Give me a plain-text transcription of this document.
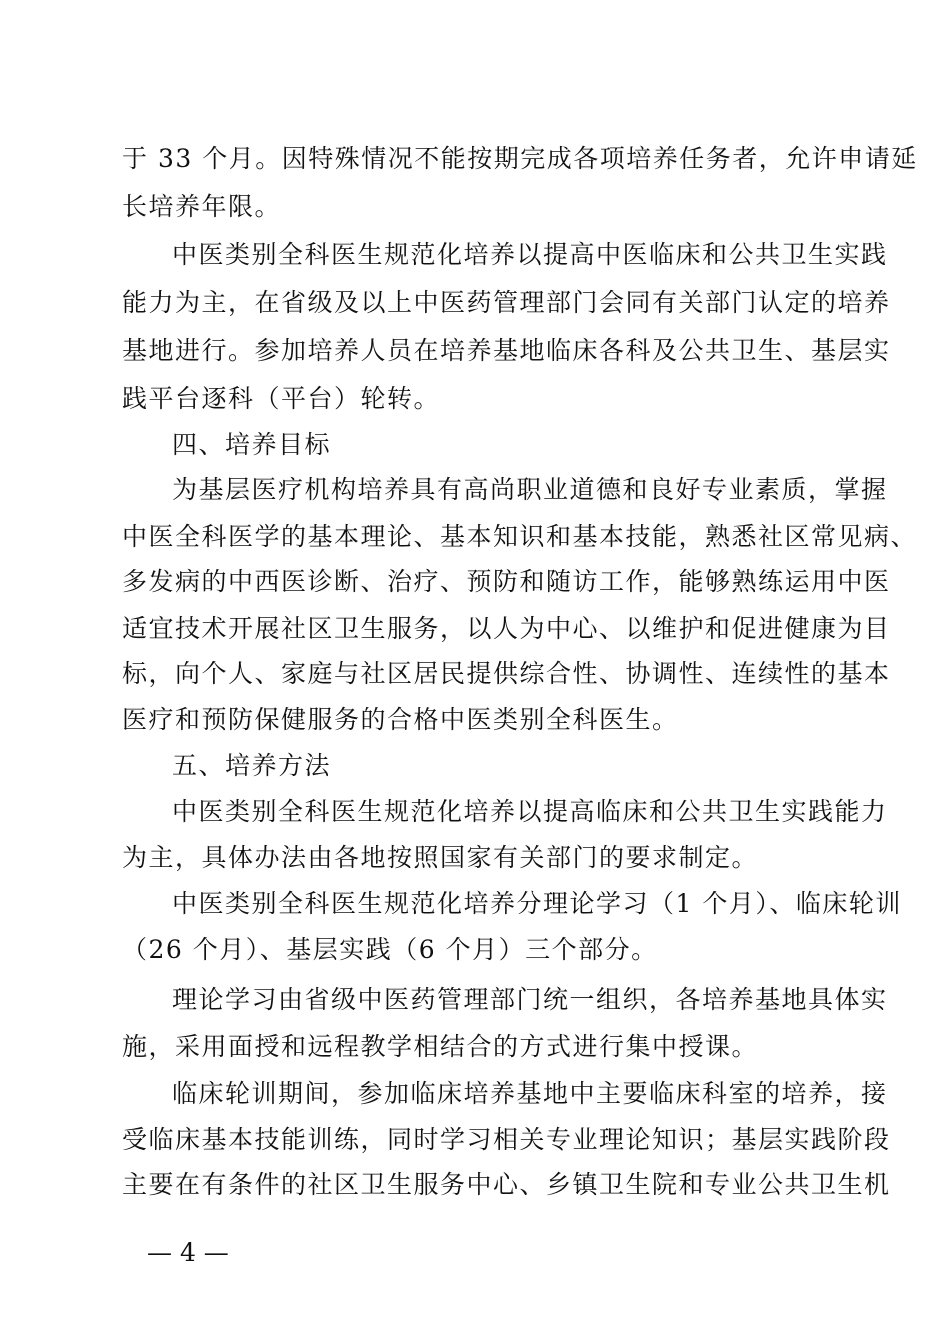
于 33 个月。因特殊情况不能按期完成各项培养任务者，允许申请延
长培养年限。
中医类别全科医生规范化培养以提高中医临床和公共卫生实践
能力为主，在省级及以上中医药管理部门会同有关部门认定的培养
基地进行。参加培养人员在培养基地临床各科及公共卫生、基层实
践平台逐科（平台）轮转。
四、培养目标
为基层医疗机构培养具有高尚职业道德和良好专业素质，掌握
中医全科医学的基本理论、基本知识和基本技能，熟悉社区常见病、
多发病的中西医诊断、治疗、预防和随访工作，能够熟练运用中医
适宜技术开展社区卫生服务，以人为中心、以维护和促进健康为目
标，向个人、家庭与社区居民提供综合性、协调性、连续性的基本
医疗和预防保健服务的合格中医类别全科医生。
五、培养方法
中医类别全科医生规范化培养以提高临床和公共卫生实践能力
为主，具体办法由各地按照国家有关部门的要求制定。
中医类别全科医生规范化培养分理论学习（1 个月）、临床轮训
（26 个月）、基层实践（6 个月）三个部分。
理论学习由省级中医药管理部门统一组织，各培养基地具体实
施，采用面授和远程教学相结合的方式进行集中授课。
临床轮训期间，参加临床培养基地中主要临床科室的培养，接
受临床基本技能训练，同时学习相关专业理论知识；基层实践阶段
主要在有条件的社区卫生服务中心、乡镇卫生院和专业公共卫生机
— 4 —
